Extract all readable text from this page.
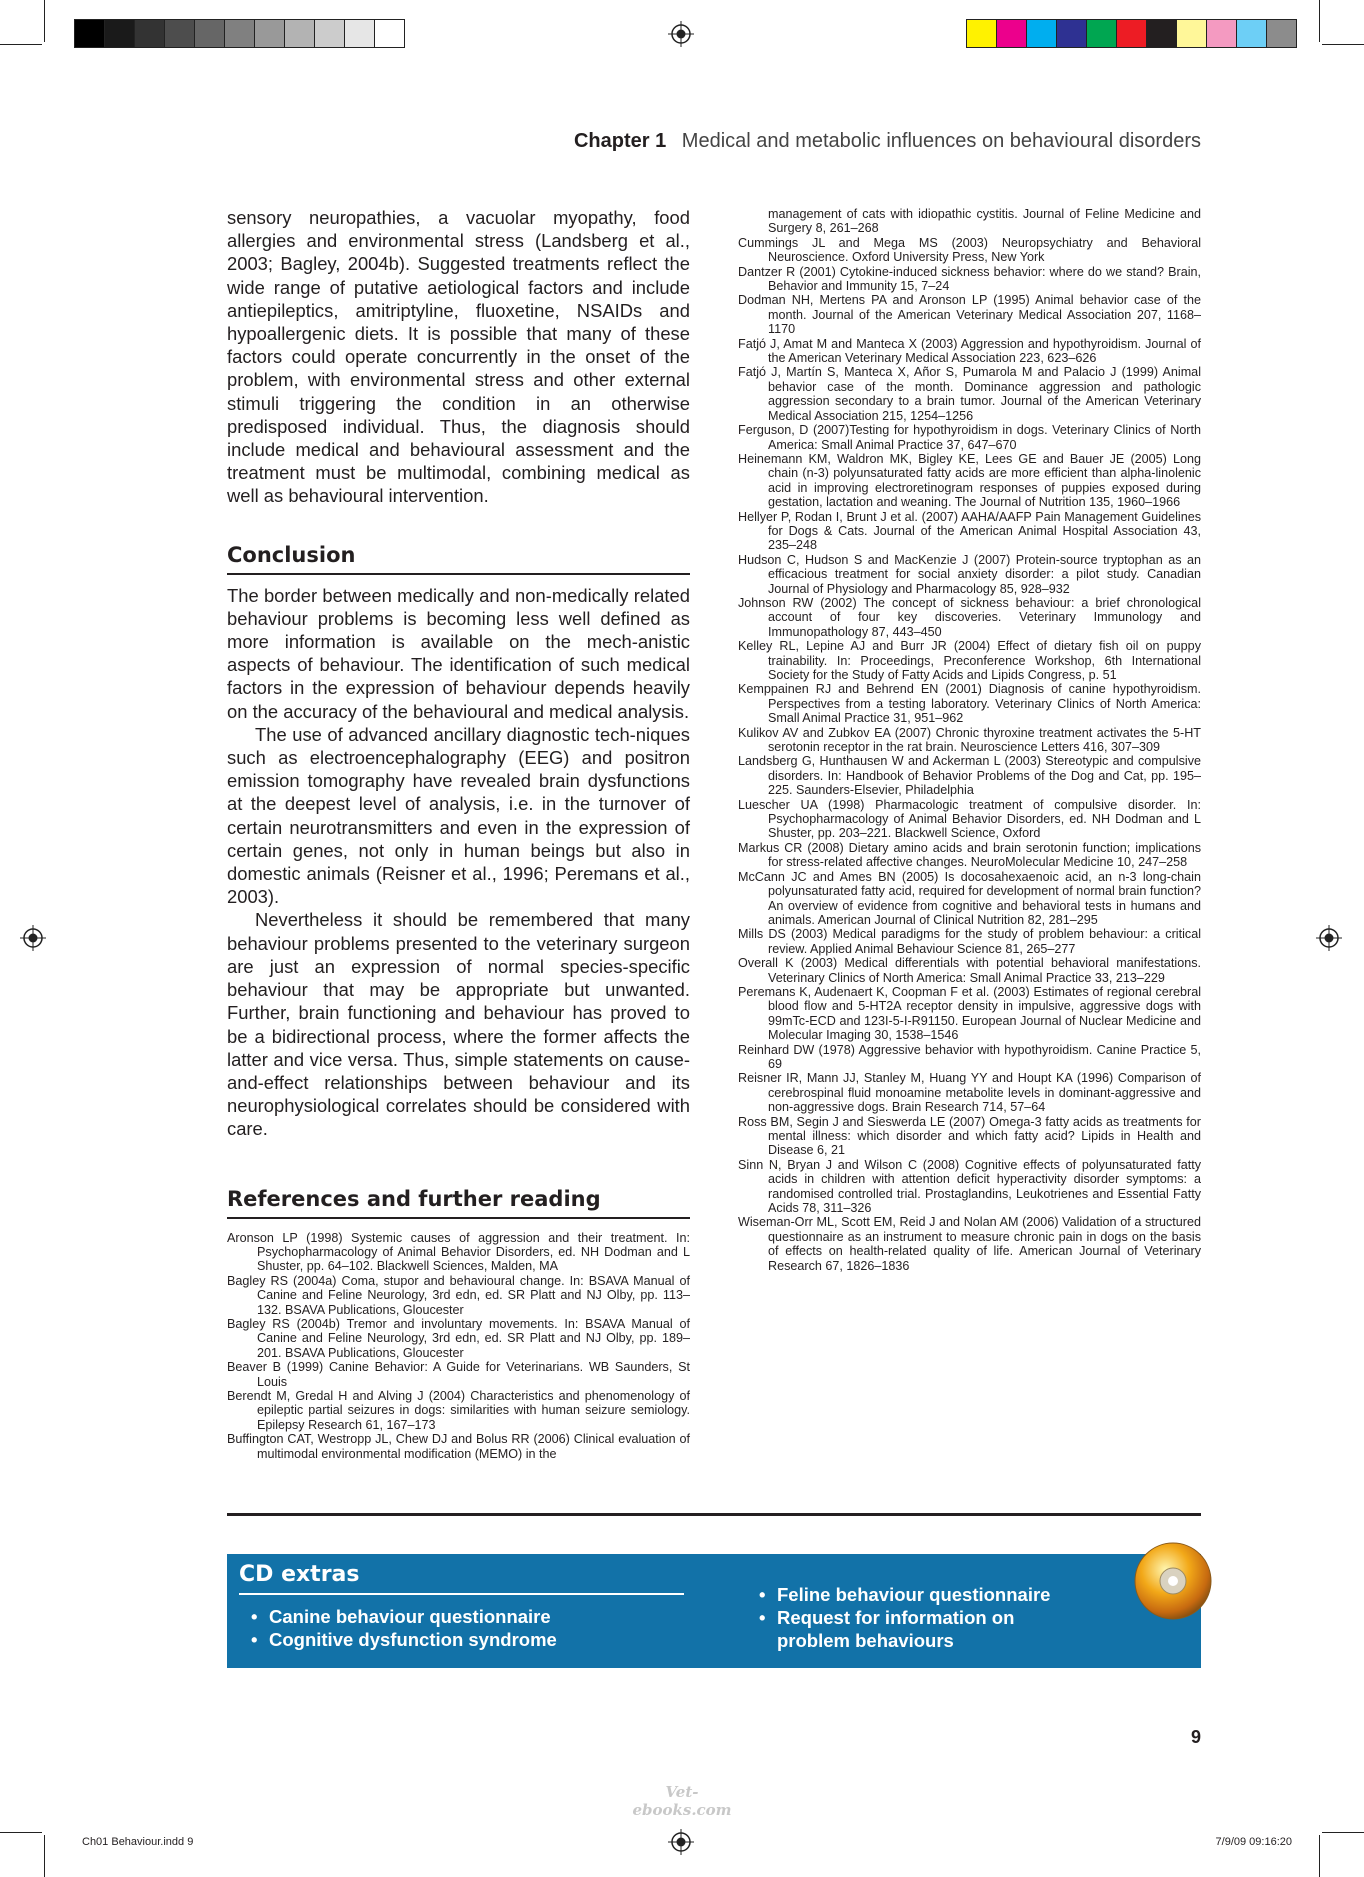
Chapter 1 Medical and metabolic influences on behavioural disorders

sensory neuropathies, a vacuolar myopathy, food allergies and environmental stress (Landsberg et al., 2003; Bagley, 2004b). Suggested treatments reflect the wide range of putative aetiological factors and include antiepileptics, amitriptyline, fluoxetine, NSAIDs and hypoallergenic diets. It is possible that many of these factors could operate concurrently in the onset of the problem, with environmental stress and other external stimuli triggering the condition in an otherwise predisposed individual. Thus, the diagnosis should include medical and behavioural assessment and the treatment must be multimodal, combining medical as well as behavioural intervention.

Conclusion

The border between medically and non-medically related behaviour problems is becoming less well defined as more information is available on the mech-anistic aspects of behaviour. The identification of such medical factors in the expression of behaviour depends heavily on the accuracy of the behavioural and medical analysis.

The use of advanced ancillary diagnostic tech-niques such as electroencephalography (EEG) and positron emission tomography have revealed brain dysfunctions at the deepest level of analysis, i.e. in the turnover of certain neurotransmitters and even in the expression of certain genes, not only in human beings but also in domestic animals (Reisner et al., 1996; Peremans et al., 2003).

Nevertheless it should be remembered that many behaviour problems presented to the veterinary surgeon are just an expression of normal species-specific behaviour that may be appropriate but unwanted. Further, brain functioning and behaviour has proved to be a bidirectional process, where the former affects the latter and vice versa. Thus, simple statements on cause-and-effect relationships between behaviour and its neurophysiological correlates should be considered with care.

References and further reading
Aronson LP (1998) Systemic causes of aggression and their treatment. In: Psychopharmacology of Animal Behavior Disorders, ed. NH Dodman and L Shuster, pp. 64–102. Blackwell Sciences, Malden, MA
Bagley RS (2004a) Coma, stupor and behavioural change. In: BSAVA Manual of Canine and Feline Neurology, 3rd edn, ed. SR Platt and NJ Olby, pp. 113–132. BSAVA Publications, Gloucester
Bagley RS (2004b) Tremor and involuntary movements. In: BSAVA Manual of Canine and Feline Neurology, 3rd edn, ed. SR Platt and NJ Olby, pp. 189–201. BSAVA Publications, Gloucester
Beaver B (1999) Canine Behavior: A Guide for Veterinarians. WB Saunders, St Louis
Berendt M, Gredal H and Alving J (2004) Characteristics and phenomenology of epileptic partial seizures in dogs: similarities with human seizure semiology. Epilepsy Research 61, 167–173
Buffington CAT, Westropp JL, Chew DJ and Bolus RR (2006) Clinical evaluation of multimodal environmental modification (MEMO) in the
management of cats with idiopathic cystitis. Journal of Feline Medicine and Surgery 8, 261–268
Cummings JL and Mega MS (2003) Neuropsychiatry and Behavioral Neuroscience. Oxford University Press, New York
Dantzer R (2001) Cytokine-induced sickness behavior: where do we stand? Brain, Behavior and Immunity 15, 7–24
Dodman NH, Mertens PA and Aronson LP (1995) Animal behavior case of the month. Journal of the American Veterinary Medical Association 207, 1168–1170
Fatjó J, Amat M and Manteca X (2003) Aggression and hypothyroidism. Journal of the American Veterinary Medical Association 223, 623–626
Fatjó J, Martín S, Manteca X, Añor S, Pumarola M and Palacio J (1999) Animal behavior case of the month. Dominance aggression and pathologic aggression secondary to a brain tumor. Journal of the American Veterinary Medical Association 215, 1254–1256
Ferguson, D (2007)Testing for hypothyroidism in dogs. Veterinary Clinics of North America: Small Animal Practice 37, 647–670
Heinemann KM, Waldron MK, Bigley KE, Lees GE and Bauer JE (2005) Long chain (n-3) polyunsaturated fatty acids are more efficient than alpha-linolenic acid in improving electroretinogram responses of puppies exposed during gestation, lactation and weaning. The Journal of Nutrition 135, 1960–1966
Hellyer P, Rodan I, Brunt J et al. (2007) AAHA/AAFP Pain Management Guidelines for Dogs & Cats. Journal of the American Animal Hospital Association 43, 235–248
Hudson C, Hudson S and MacKenzie J (2007) Protein-source tryptophan as an efficacious treatment for social anxiety disorder: a pilot study. Canadian Journal of Physiology and Pharmacology 85, 928–932
Johnson RW (2002) The concept of sickness behaviour: a brief chronological account of four key discoveries. Veterinary Immunology and Immunopathology 87, 443–450
Kelley RL, Lepine AJ and Burr JR (2004) Effect of dietary fish oil on puppy trainability. In: Proceedings, Preconference Workshop, 6th International Society for the Study of Fatty Acids and Lipids Congress, p. 51
Kemppainen RJ and Behrend EN (2001) Diagnosis of canine hypothyroidism. Perspectives from a testing laboratory. Veterinary Clinics of North America: Small Animal Practice 31, 951–962
Kulikov AV and Zubkov EA (2007) Chronic thyroxine treatment activates the 5-HT serotonin receptor in the rat brain. Neuroscience Letters 416, 307–309
Landsberg G, Hunthausen W and Ackerman L (2003) Stereotypic and compulsive disorders. In: Handbook of Behavior Problems of the Dog and Cat, pp. 195–225. Saunders-Elsevier, Philadelphia
Luescher UA (1998) Pharmacologic treatment of compulsive disorder. In: Psychopharmacology of Animal Behavior Disorders, ed. NH Dodman and L Shuster, pp. 203–221. Blackwell Science, Oxford
Markus CR (2008) Dietary amino acids and brain serotonin function; implications for stress-related affective changes. NeuroMolecular Medicine 10, 247–258
McCann JC and Ames BN (2005) Is docosahexaenoic acid, an n-3 long-chain polyunsaturated fatty acid, required for development of normal brain function? An overview of evidence from cognitive and behavioral tests in humans and animals. American Journal of Clinical Nutrition 82, 281–295
Mills DS (2003) Medical paradigms for the study of problem behaviour: a critical review. Applied Animal Behaviour Science 81, 265–277
Overall K (2003) Medical differentials with potential behavioral manifestations. Veterinary Clinics of North America: Small Animal Practice 33, 213–229
Peremans K, Audenaert K, Coopman F et al. (2003) Estimates of regional cerebral blood flow and 5-HT2A receptor density in impulsive, aggressive dogs with 99mTc-ECD and 123I-5-I-R91150. European Journal of Nuclear Medicine and Molecular Imaging 30, 1538–1546
Reinhard DW (1978) Aggressive behavior with hypothyroidism. Canine Practice 5, 69
Reisner IR, Mann JJ, Stanley M, Huang YY and Houpt KA (1996) Comparison of cerebrospinal fluid monoamine metabolite levels in dominant-aggressive and non-aggressive dogs. Brain Research 714, 57–64
Ross BM, Segin J and Sieswerda LE (2007) Omega-3 fatty acids as treatments for mental illness: which disorder and which fatty acid? Lipids in Health and Disease 6, 21
Sinn N, Bryan J and Wilson C (2008) Cognitive effects of polyunsaturated fatty acids in children with attention deficit hyperactivity disorder symptoms: a randomised controlled trial. Prostaglandins, Leukotrienes and Essential Fatty Acids 78, 311–326
Wiseman-Orr ML, Scott EM, Reid J and Nolan AM (2006) Validation of a structured questionnaire as an instrument to measure chronic pain in dogs on the basis of effects on health-related quality of life. American Journal of Veterinary Research 67, 1826–1836
CD extras
• Canine behaviour questionnaire
• Cognitive dysfunction syndrome
• Feline behaviour questionnaire
• Request for information on problem behaviours
9
Vet-ebooks.com
Ch01 Behaviour.indd 9	7/9/09 09:16:20
